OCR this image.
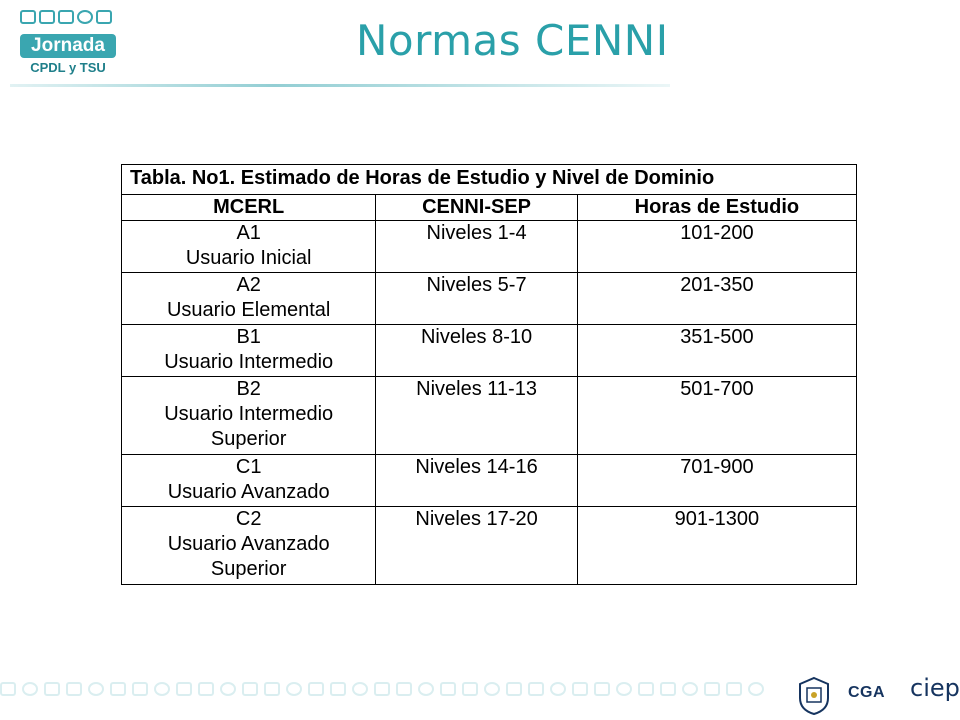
Jornada
CPDL y TSU
Normas CENNI
Tabla. No1. Estimado de Horas de Estudio y Nivel de Dominio		
MCERL	CENNI-SEP	Horas de Estudio

A1
Usuario Inicial	Niveles 1-4	101-200

A2
Usuario Elemental	Niveles 5-7	201-350

B1
Usuario Intermedio	Niveles 8-10	351-500

B2
Usuario Intermedio
Superior	Niveles 11-13	501-700

C1
Usuario Avanzado	Niveles 14-16	701-900

C2
Usuario Avanzado
Superior	Niveles 17-20	901-1300
CGA ciep
